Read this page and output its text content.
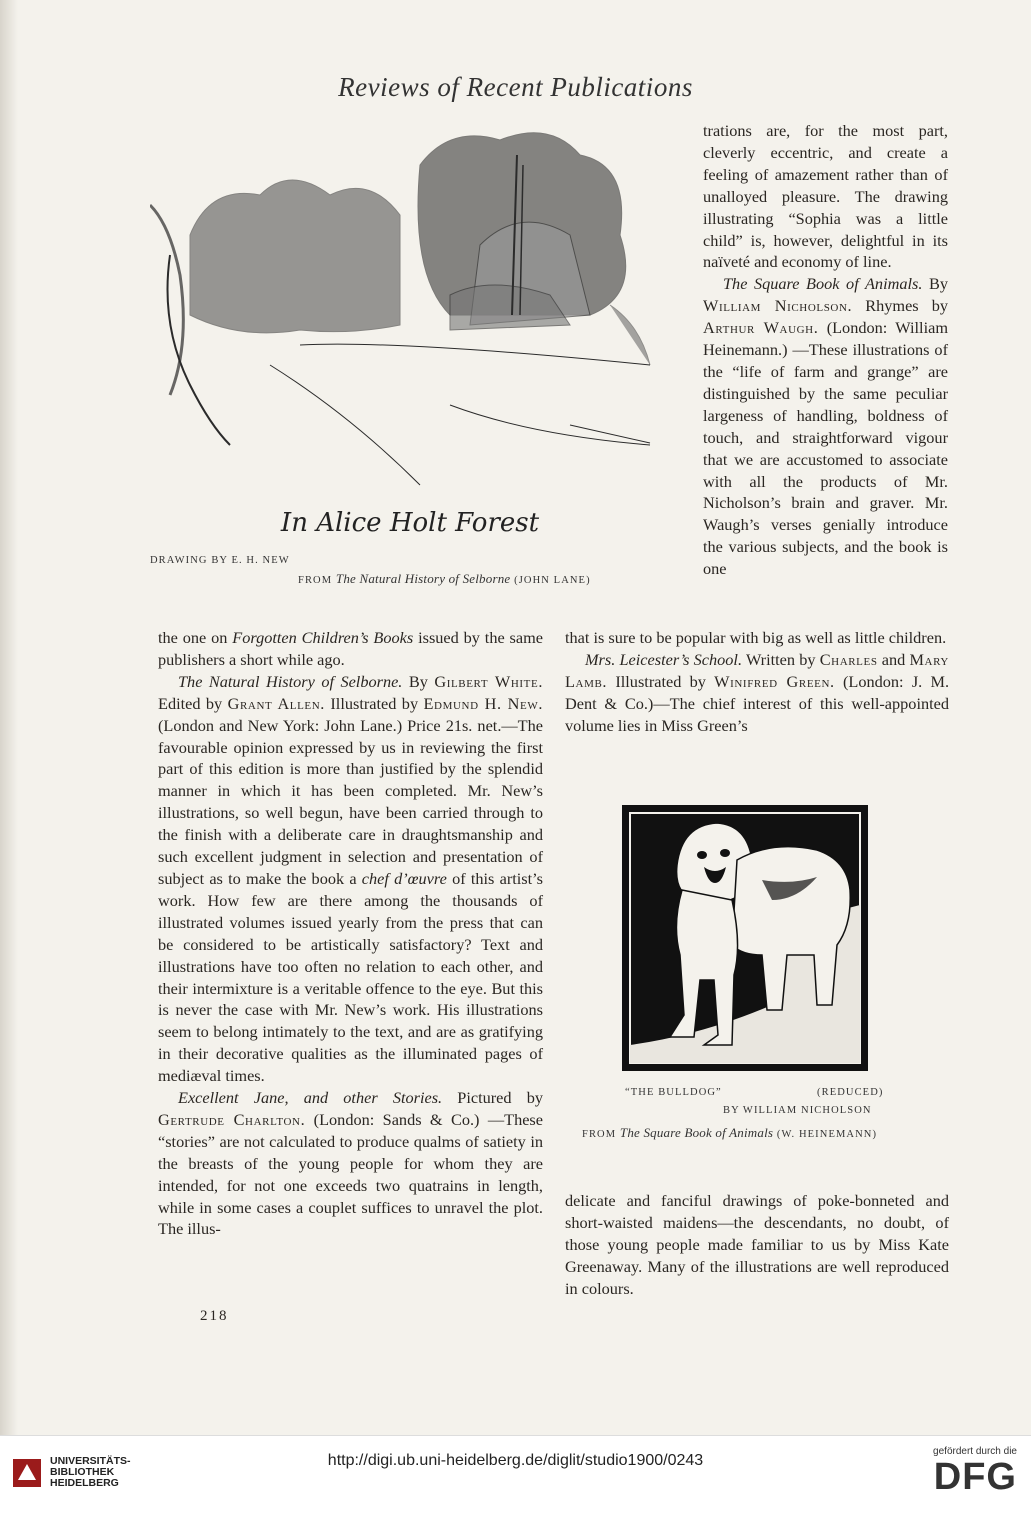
Reviews of Recent Publications
In Alice Holt Forest
DRAWING BY E. H. NEW
FROM The Natural History of Selborne (JOHN LANE)

trations are, for the most part, cleverly eccentric, and create a feeling of amazement rather than of unalloyed pleasure. The drawing illustrating “Sophia was a little child” is, however, delightful in its naïveté and economy of line.

The Square Book of Animals. By William Nicholson. Rhymes by Arthur Waugh. (London: William Heinemann.) —These illustrations of the “life of farm and grange” are distinguished by the same peculiar largeness of handling, boldness of touch, and straightforward vigour that we are accustomed to associate with all the products of Mr. Nicholson’s brain and graver. Mr. Waugh’s verses genially introduce the various subjects, and the book is one

the one on Forgotten Children’s Books issued by the same publishers a short while ago.

The Natural History of Selborne. By Gilbert White. Edited by Grant Allen. Illustrated by Edmund H. New. (London and New York: John Lane.) Price 21s. net.—The favourable opinion expressed by us in reviewing the first part of this edition is more than justified by the splendid manner in which it has been completed. Mr. New’s illustrations, so well begun, have been carried through to the finish with a deliberate care in draughtsmanship and such excellent judgment in selection and presentation of subject as to make the book a chef d’œuvre of this artist’s work. How few are there among the thousands of illustrated volumes issued yearly from the press that can be considered to be artistically satisfactory? Text and illustrations have too often no relation to each other, and their intermixture is a veritable offence to the eye. But this is never the case with Mr. New’s work. His illustrations seem to belong intimately to the text, and are as gratifying in their decorative qualities as the illuminated pages of mediæval times.

Excellent Jane, and other Stories. Pictured by Gertrude Charlton. (London: Sands & Co.) —These “stories” are not calculated to produce qualms of satiety in the breasts of the young people for whom they are intended, for not one exceeds two quatrains in length, while in some cases a couplet suffices to unravel the plot. The illus-

that is sure to be popular with big as well as little children.

Mrs. Leicester’s School. Written by Charles and Mary Lamb. Illustrated by Winifred Green. (London: J. M. Dent & Co.)—The chief interest of this well-appointed volume lies in Miss Green’s

“THE BULLDOG”	(REDUCED)
BY WILLIAM NICHOLSON
FROM The Square Book of Animals (W. HEINEMANN)

delicate and fanciful drawings of poke-bonneted and short-waisted maidens—the descendants, no doubt, of those young people made familiar to us by Miss Kate Greenaway. Many of the illustrations are well reproduced in colours.

218
UNIVERSITÄTS-
BIBLIOTHEK
HEIDELBERG
http://digi.ub.uni-heidelberg.de/diglit/studio1900/0243
gefördert durch die
DFG
